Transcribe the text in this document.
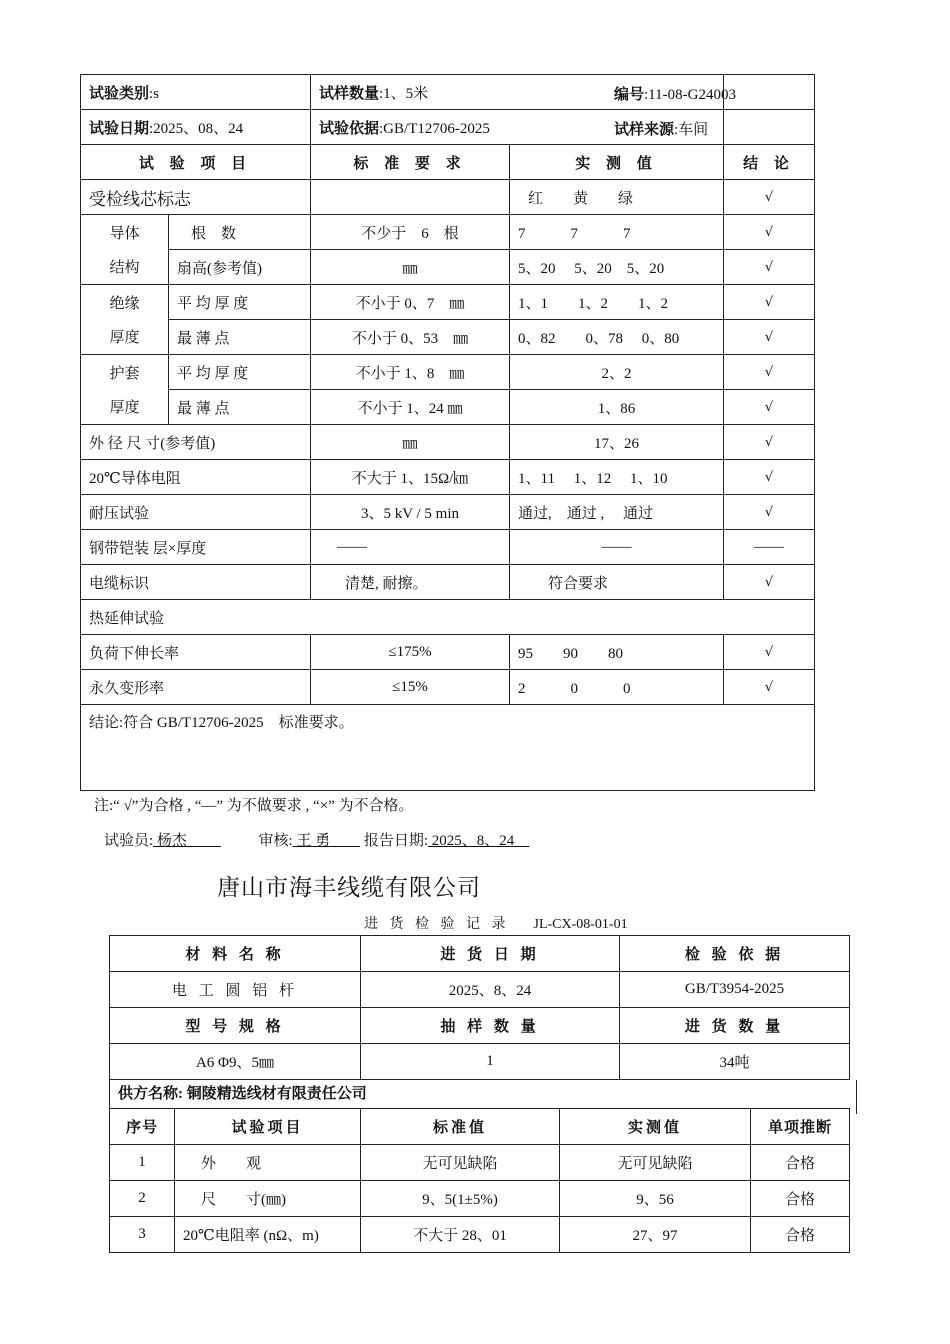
试验类别:s		试样数量:1、5米		编号:11-08-G24003

试验日期:2025、08、24		试验依据:GB/T12706-2025		试样来源:车间

试 验 项 目		标 准 要 求	实 测 值	结 论
受检线芯标志			红　　黄　　绿	√
导体	根　数	不少于　6　根	7　　　7　　　7	√
结构	扇高(参考值)	㎜	5、20　 5、20　5、20	√
绝缘	平 均 厚 度	不小于 0、7　㎜	1、1　　1、2　　1、2	√
厚度	最 薄 点	不小于 0、53　㎜	0、82　　0、78　 0、80	√
护套	平 均 厚 度	不小于 1、8　㎜	2、2	√
厚度	最 薄 点	不小于 1、24 ㎜	1、86	√
外 径 尺 寸(参考值)		㎜	17、26	√
20℃导体电阻		不大于 1、15Ω/㎞	1、11　 1、12　 1、10	√
耐压试验		3、5 kV / 5 min	通过,　通过 ,　 通过	√
钢带铠装 层×厚度		——	——	——
电缆标识		清楚, 耐擦。	符合要求	√
热延伸试验				
负荷下伸长率		≤175%	95　　90　　80	√
永久变形率		≤15%	2　　　0　　　0	√
结论:符合 GB/T12706-2025　标准要求。				
注:“ √”为合格 , “—” 为不做要求 , “×” 为不合格。
试验员: 杨杰　　	审核: 王 勇　　 报告日期: 2025、8、24　
唐山市海丰线缆有限公司
进 货 检 验 记 录 JL-CX-08-01-01
材 料 名 称	进 货 日 期	检 验 依 据
电 工 圆 铝 杆	2025、8、24	GB/T3954-2025
型 号 规 格	抽 样 数 量	进 货 数 量
A6 Φ9、5㎜	1	34吨
供方名称: 铜陵精选线材有限责任公司
序号	试验项目	标准值	实测值	单项推断
1	外　　观	无可见缺陷	无可见缺陷	合格
2	尺　　寸(㎜)	9、5(1±5%)	9、56	合格
3	20℃电阻率 (nΩ、m)	不大于 28、01	27、97	合格
